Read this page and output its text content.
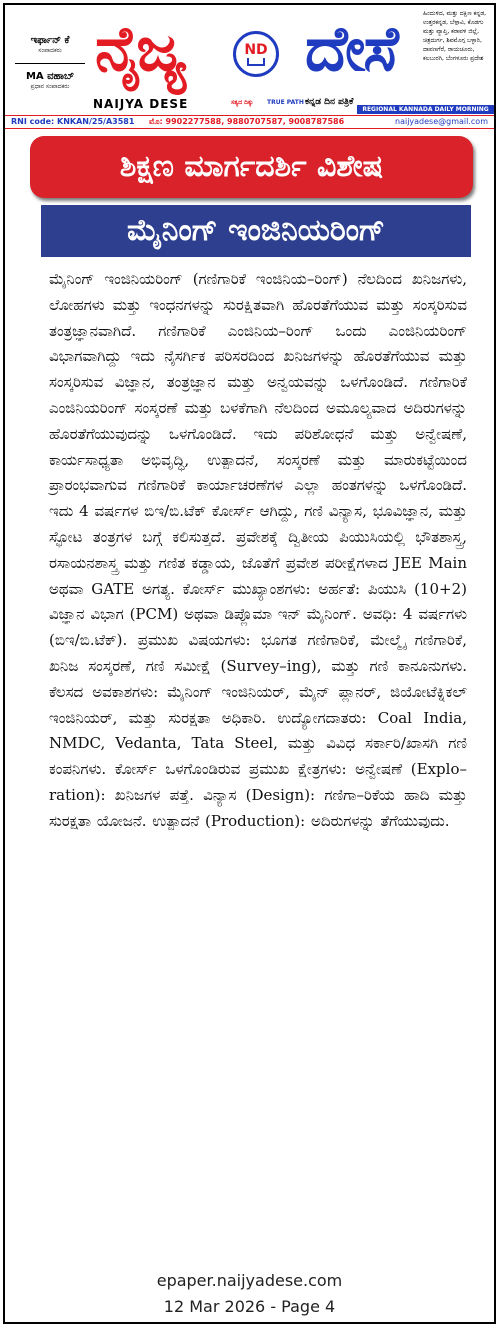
ಇರ್ಫಾನ್ ಕೆ
ಸಂಪಾದಕರು
MA ವಹಾಬ್
ಪ್ರಧಾನ ಸಂಪಾದಕರು
ನೈಜ್ಯ	ND ದೇಸೆ
NAIJYA DESE	ಸತ್ಯದ ದಿಕ್ಕು TRUE PATH ಕನ್ನಡ ದಿನ ಪತ್ರಿಕೆ
ಹಿಂದುಳಿದ, ಮತ್ತು ದಕ್ಷಿಣ ಕನ್ನಡ, ಉತ್ತರಕನ್ನಡ, ಬೆಳ್ಗಾವಿ, ಕೊಡಗು ಮತ್ತು ವ್ಯಾಪ್ತಿ, ಕರಾವಳಿ ಜಿಲ್ಲೆ, ಚಿತ್ರದುರ್ಗ, ಶಿವಮೊಗ್ಗ ಬಳ್ಳಾರಿ, ದಾವಣಗೆರೆ, ರಾಯಚೂರು, ಕಲಬುರಗಿ, ಬೆಂಗಳೂರು ಪ್ರದೇಶ
REGIONAL KANNADA DAILY MORNING
RNI code: KNKAN/25/A3581 ಮೊ: 9902277588, 9880707587, 9008787586	naijyadese@gmail.com
ಶಿಕ್ಷಣ ಮಾರ್ಗದರ್ಶಿ ವಿಶೇಷ
ಮೈನಿಂಗ್ ಇಂಜಿನಿಯರಿಂಗ್
ಮೈನಿಂಗ್ ಇಂಜಿನಿಯರಿಂಗ್ (ಗಣಿಗಾರಿಕೆ ಇಂಜಿನಿಯ–ರಿಂಗ್) ನೆಲದಿಂದ ಖನಿಜಗಳು, ಲೋಹಗಳು ಮತ್ತು ಇಂಧನಗಳನ್ನು ಸುರಕ್ಷಿತವಾಗಿ ಹೊರತೆಗೆಯುವ ಮತ್ತು ಸಂಸ್ಕರಿಸುವ ತಂತ್ರಜ್ಞಾನವಾಗಿದೆ. ಗಣಿಗಾರಿಕೆ ಎಂಜಿನಿಯ–ರಿಂಗ್ ಒಂದು ಎಂಜಿನಿಯರಿಂಗ್ ವಿಭಾಗವಾಗಿದ್ದು ಇದು ನೈಸರ್ಗಿಕ ಪರಿಸರದಿಂದ ಖನಿಜಗಳನ್ನು ಹೊರತೆಗೆಯುವ ಮತ್ತು ಸಂಸ್ಕರಿಸುವ ವಿಜ್ಞಾನ, ತಂತ್ರಜ್ಞಾನ ಮತ್ತು ಅನ್ವಯವನ್ನು ಒಳಗೊಂಡಿದೆ. ಗಣಿಗಾರಿಕೆ ಎಂಜಿನಿಯರಿಂಗ್ ಸಂಸ್ಕರಣೆ ಮತ್ತು ಬಳಕೆಗಾಗಿ ನೆಲದಿಂದ ಅಮೂಲ್ಯವಾದ ಅದಿರುಗಳನ್ನು ಹೊರತೆಗೆಯುವುದನ್ನು ಒಳಗೊಂಡಿದೆ. ಇದು ಪರಿಶೋಧನೆ ಮತ್ತು ಅನ್ವೇಷಣೆ, ಕಾರ್ಯಸಾಧ್ಯತಾ ಅಭಿವೃದ್ಧಿ, ಉತ್ಪಾದನೆ, ಸಂಸ್ಕರಣೆ ಮತ್ತು ಮಾರುಕಟ್ಟೆಯಿಂದ ಪ್ರಾರಂಭವಾಗುವ ಗಣಿಗಾರಿಕೆ ಕಾರ್ಯಾಚರಣೆಗಳ ಎಲ್ಲಾ ಹಂತಗಳನ್ನು ಒಳಗೊಂಡಿದೆ. ಇದು 4 ವರ್ಷಗಳ ಬಿಇ/ಬಿ.ಟೆಕ್ ಕೋರ್ಸ್ ಆಗಿದ್ದು, ಗಣಿ ವಿನ್ಯಾಸ, ಭೂವಿಜ್ಞಾನ, ಮತ್ತು ಸ್ಫೋಟ ತಂತ್ರಗಳ ಬಗ್ಗೆ ಕಲಿಸುತ್ತದೆ. ಪ್ರವೇಶಕ್ಕೆ ದ್ವಿತೀಯ ಪಿಯುಸಿಯಲ್ಲಿ ಭೌತಶಾಸ್ತ್ರ, ರಸಾಯನಶಾಸ್ತ್ರ ಮತ್ತು ಗಣಿತ ಕಡ್ಡಾಯ, ಜೊತೆಗೆ ಪ್ರವೇಶ ಪರೀಕ್ಷೆಗಳಾದ JEE Main ಅಥವಾ GATE ಅಗತ್ಯ. ಕೋರ್ಸ್ ಮುಖ್ಯಾಂಶಗಳು: ಅರ್ಹತೆ: ಪಿಯುಸಿ (10+2) ವಿಜ್ಞಾನ ವಿಭಾಗ (PCM) ಅಥವಾ ಡಿಪ್ಲೊಮಾ ಇನ್ ಮೈನಿಂಗ್. ಅವಧಿ: 4 ವರ್ಷಗಳು (ಬಿಇ/ಬಿ.ಟೆಕ್). ಪ್ರಮುಖ ವಿಷಯಗಳು: ಭೂಗತ ಗಣಿಗಾರಿಕೆ, ಮೇಲ್ಮೈ ಗಣಿಗಾರಿಕೆ, ಖನಿಜ ಸಂಸ್ಕರಣೆ, ಗಣಿ ಸಮೀಕ್ಷೆ (Survey–ing), ಮತ್ತು ಗಣಿ ಕಾನೂನುಗಳು. ಕೆಲಸದ ಅವಕಾಶಗಳು: ಮೈನಿಂಗ್ ಇಂಜಿನಿಯರ್, ಮೈನ್ ಪ್ಲಾನರ್, ಜಿಯೋಟೆಕ್ನಿಕಲ್ ಇಂಜಿನಿಯರ್, ಮತ್ತು ಸುರಕ್ಷತಾ ಅಧಿಕಾರಿ. ಉದ್ಯೋಗದಾತರು: Coal India, NMDC, Vedanta, Tata Steel, ಮತ್ತು ವಿವಿಧ ಸರ್ಕಾರಿ/ಖಾಸಗಿ ಗಣಿ ಕಂಪನಿಗಳು. ಕೋರ್ಸ್ ಒಳಗೊಂಡಿರುವ ಪ್ರಮುಖ ಕ್ಷೇತ್ರಗಳು: ಅನ್ವೇಷಣೆ (Explo–ration): ಖನಿಜಗಳ ಪತ್ತೆ. ವಿನ್ಯಾಸ (Design): ಗಣಿಗಾ–ರಿಕೆಯ ಹಾದಿ ಮತ್ತು ಸುರಕ್ಷತಾ ಯೋಜನೆ. ಉತ್ಪಾದನೆ (Production): ಅದಿರುಗಳನ್ನು ತೆಗೆಯುವುದು.
epaper.naijyadese.com
12 Mar 2026 - Page 4
